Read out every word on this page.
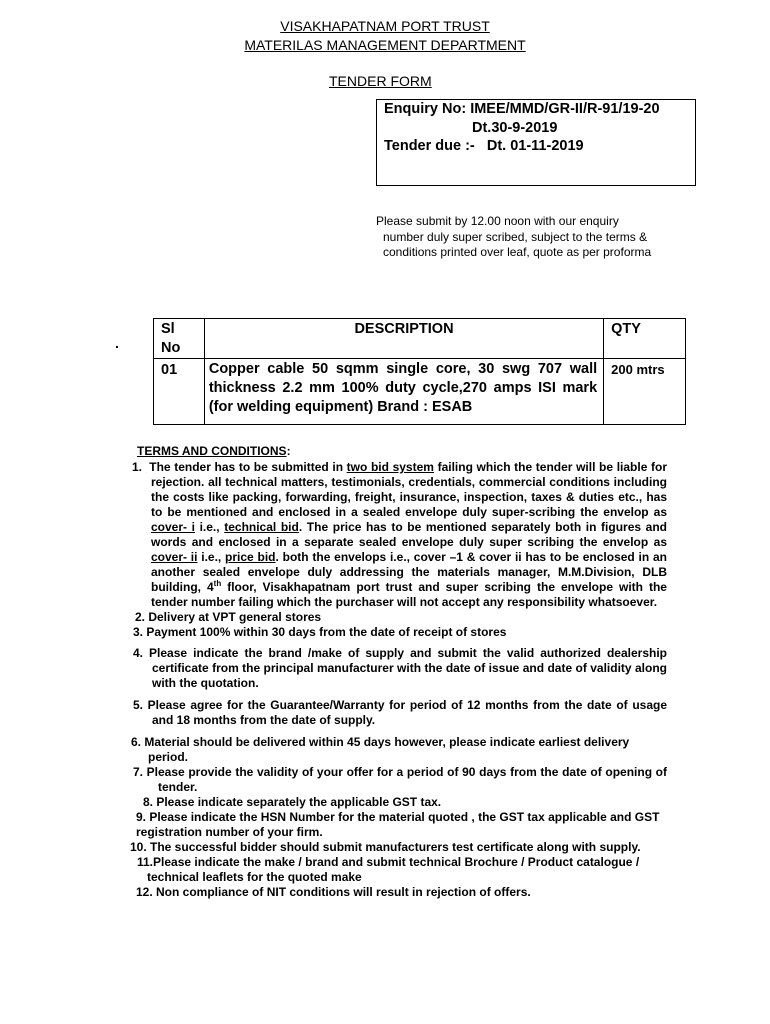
VISAKHAPATNAM PORT TRUST
MATERILAS MANAGEMENT DEPARTMENT
TENDER FORM
Enquiry No: IMEE/MMD/GR-II/R-91/19-20
Dt.30-9-2019
Tender due :-   Dt. 01-11-2019
Please submit by 12.00 noon with our enquiry
number duly super scribed, subject to the terms &
conditions printed over leaf, quote as per proforma
.
Sl
No	DESCRIPTION	QTY
01	Copper cable 50 sqmm single core, 30 swg 707 wall thickness 2.2 mm 100% duty cycle,270 amps ISI mark (for welding equipment) Brand : ESAB	200 mtrs
TERMS AND CONDITIONS:
1.  The tender has to be submitted in two bid system failing which the tender will be liable for rejection. all technical matters, testimonials, credentials, commercial conditions including the costs like packing, forwarding, freight, insurance, inspection, taxes & duties etc., has to be mentioned and enclosed in a sealed envelope duly super-scribing the envelop as cover- i i.e., technical bid. The price has to be mentioned separately both in figures and words and enclosed in a separate sealed envelope duly super scribing the envelop as cover- ii i.e., price bid. both the envelops i.e., cover –1 & cover ii has to be enclosed in an another sealed envelope duly addressing the materials manager, M.M.Division, DLB building, 4th floor, Visakhapatnam port trust and super scribing the envelope with the tender number failing which the purchaser will not accept any responsibility whatsoever.
2. Delivery at VPT general stores
3. Payment 100% within 30 days from the date of receipt of stores
4. Please indicate the brand /make of supply and submit the valid authorized dealership certificate from the principal manufacturer with the date of issue and date of validity along with the quotation.
5. Please agree for the Guarantee/Warranty for period of 12 months from the date of usage and 18 months from the date of supply.
6. Material should be delivered within 45 days however, please indicate earliest delivery period.
7. Please provide the validity of your offer for a period of 90 days from the date of opening of tender.
8. Please indicate separately the applicable GST tax.
9. Please indicate the HSN Number for the material quoted , the GST tax applicable and GST registration number of your firm.
10. The successful bidder should submit manufacturers test certificate along with supply.
11.Please indicate the make / brand and submit technical Brochure / Product catalogue / technical leaflets for the quoted make
12. Non compliance of NIT conditions will result in rejection of offers.
